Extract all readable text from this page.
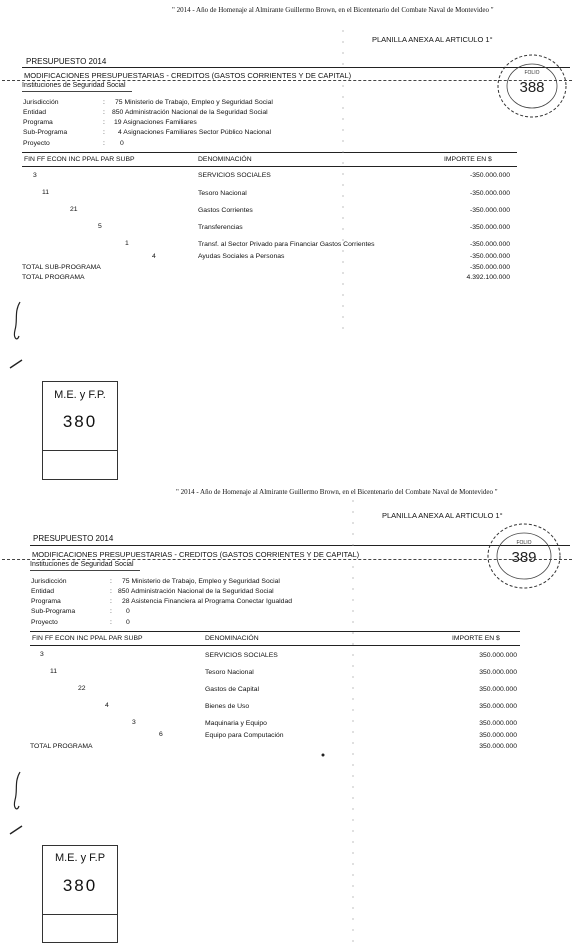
" 2014 - Año de Homenaje al Almirante Guillermo Brown, en el Bicentenario del Combate Naval de Montevideo "
PLANILLA ANEXA AL ARTICULO 1°
PRESUPUESTO 2014
MODIFICACIONES PRESUPUESTARIAS - CREDITOS (GASTOS CORRIENTES Y DE CAPITAL)
Instituciones de Seguridad Social
Jurisdicción	: 75 Ministerio de Trabajo, Empleo y Seguridad Social
Entidad	: 850 Administración Nacional de la Seguridad Social
Programa	: 19 Asignaciones Familiares
Sub-Programa	: 4 Asignaciones Familiares Sector Público Nacional
Proyecto	: 0
FIN FF ECON INC PPAL PAR SUBP	DENOMINACIÓN	IMPORTE EN $
3	SERVICIOS SOCIALES	-350.000.000
11	Tesoro Nacional	-350.000.000
21	Gastos Corrientes	-350.000.000
5	Transferencias	-350.000.000
1	Transf. al Sector Privado para Financiar Gastos Corrientes	-350.000.000
4	Ayudas Sociales a Personas	-350.000.000
TOTAL SUB-PROGRAMA	-350.000.000
TOTAL PROGRAMA	4.392.100.000
M.E. y F.P.
380
388
FOLIO
" 2014 - Año de Homenaje al Almirante Guillermo Brown, en el Bicentenario del Combate Naval de Montevideo "
PLANILLA ANEXA AL ARTICULO 1°
PRESUPUESTO 2014
MODIFICACIONES PRESUPUESTARIAS - CREDITOS (GASTOS CORRIENTES Y DE CAPITAL)
Instituciones de Seguridad Social
Jurisdicción	: 75 Ministerio de Trabajo, Empleo y Seguridad Social
Entidad	: 850 Administración Nacional de la Seguridad Social
Programa	: 28 Asistencia Financiera al Programa Conectar Igualdad
Sub-Programa	: 0
Proyecto	: 0
FIN FF ECON INC PPAL PAR SUBP	DENOMINACIÓN	IMPORTE EN $
3	SERVICIOS SOCIALES	350.000.000
11	Tesoro Nacional	350.000.000
22	Gastos de Capital	350.000.000
4	Bienes de Uso	350.000.000
3	Maquinaria y Equipo	350.000.000
6	Equipo para Computación	350.000.000
TOTAL PROGRAMA	350.000.000
M.E. y F.P
380
389
FOLIO
